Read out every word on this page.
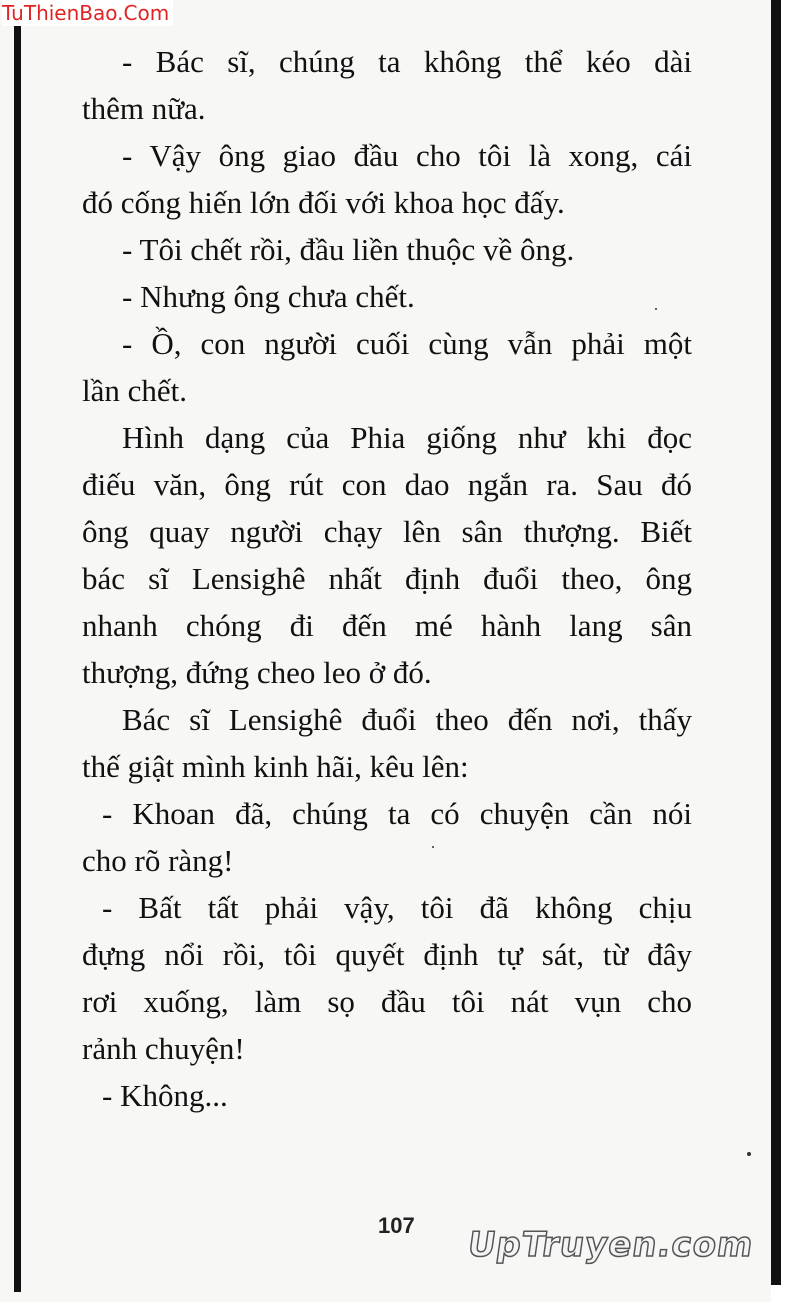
TuThienBao.Com
- Bác sĩ, chúng ta không thể kéo dài
thêm nữa.
- Vậy ông giao đầu cho tôi là xong, cái
đó cống hiến lớn đối với khoa học đấy.
- Tôi chết rồi, đầu liền thuộc về ông.
- Nhưng ông chưa chết.
- Ồ, con người cuối cùng vẫn phải một
lần chết.
Hình dạng của Phia giống như khi đọc
điếu văn, ông rút con dao ngắn ra. Sau đó
ông quay người chạy lên sân thượng. Biết
bác sĩ Lensighê nhất định đuổi theo, ông
nhanh chóng đi đến mé hành lang sân
thượng, đứng cheo leo ở đó.
Bác sĩ Lensighê đuổi theo đến nơi, thấy
thế giật mình kinh hãi, kêu lên:
- Khoan đã, chúng ta có chuyện cần nói
cho rõ ràng!
- Bất tất phải vậy, tôi đã không chịu
đựng nổi rồi, tôi quyết định tự sát, từ đây
rơi xuống, làm sọ đầu tôi nát vụn cho
rảnh chuyện!
- Không...
107 UpTruyen.com
